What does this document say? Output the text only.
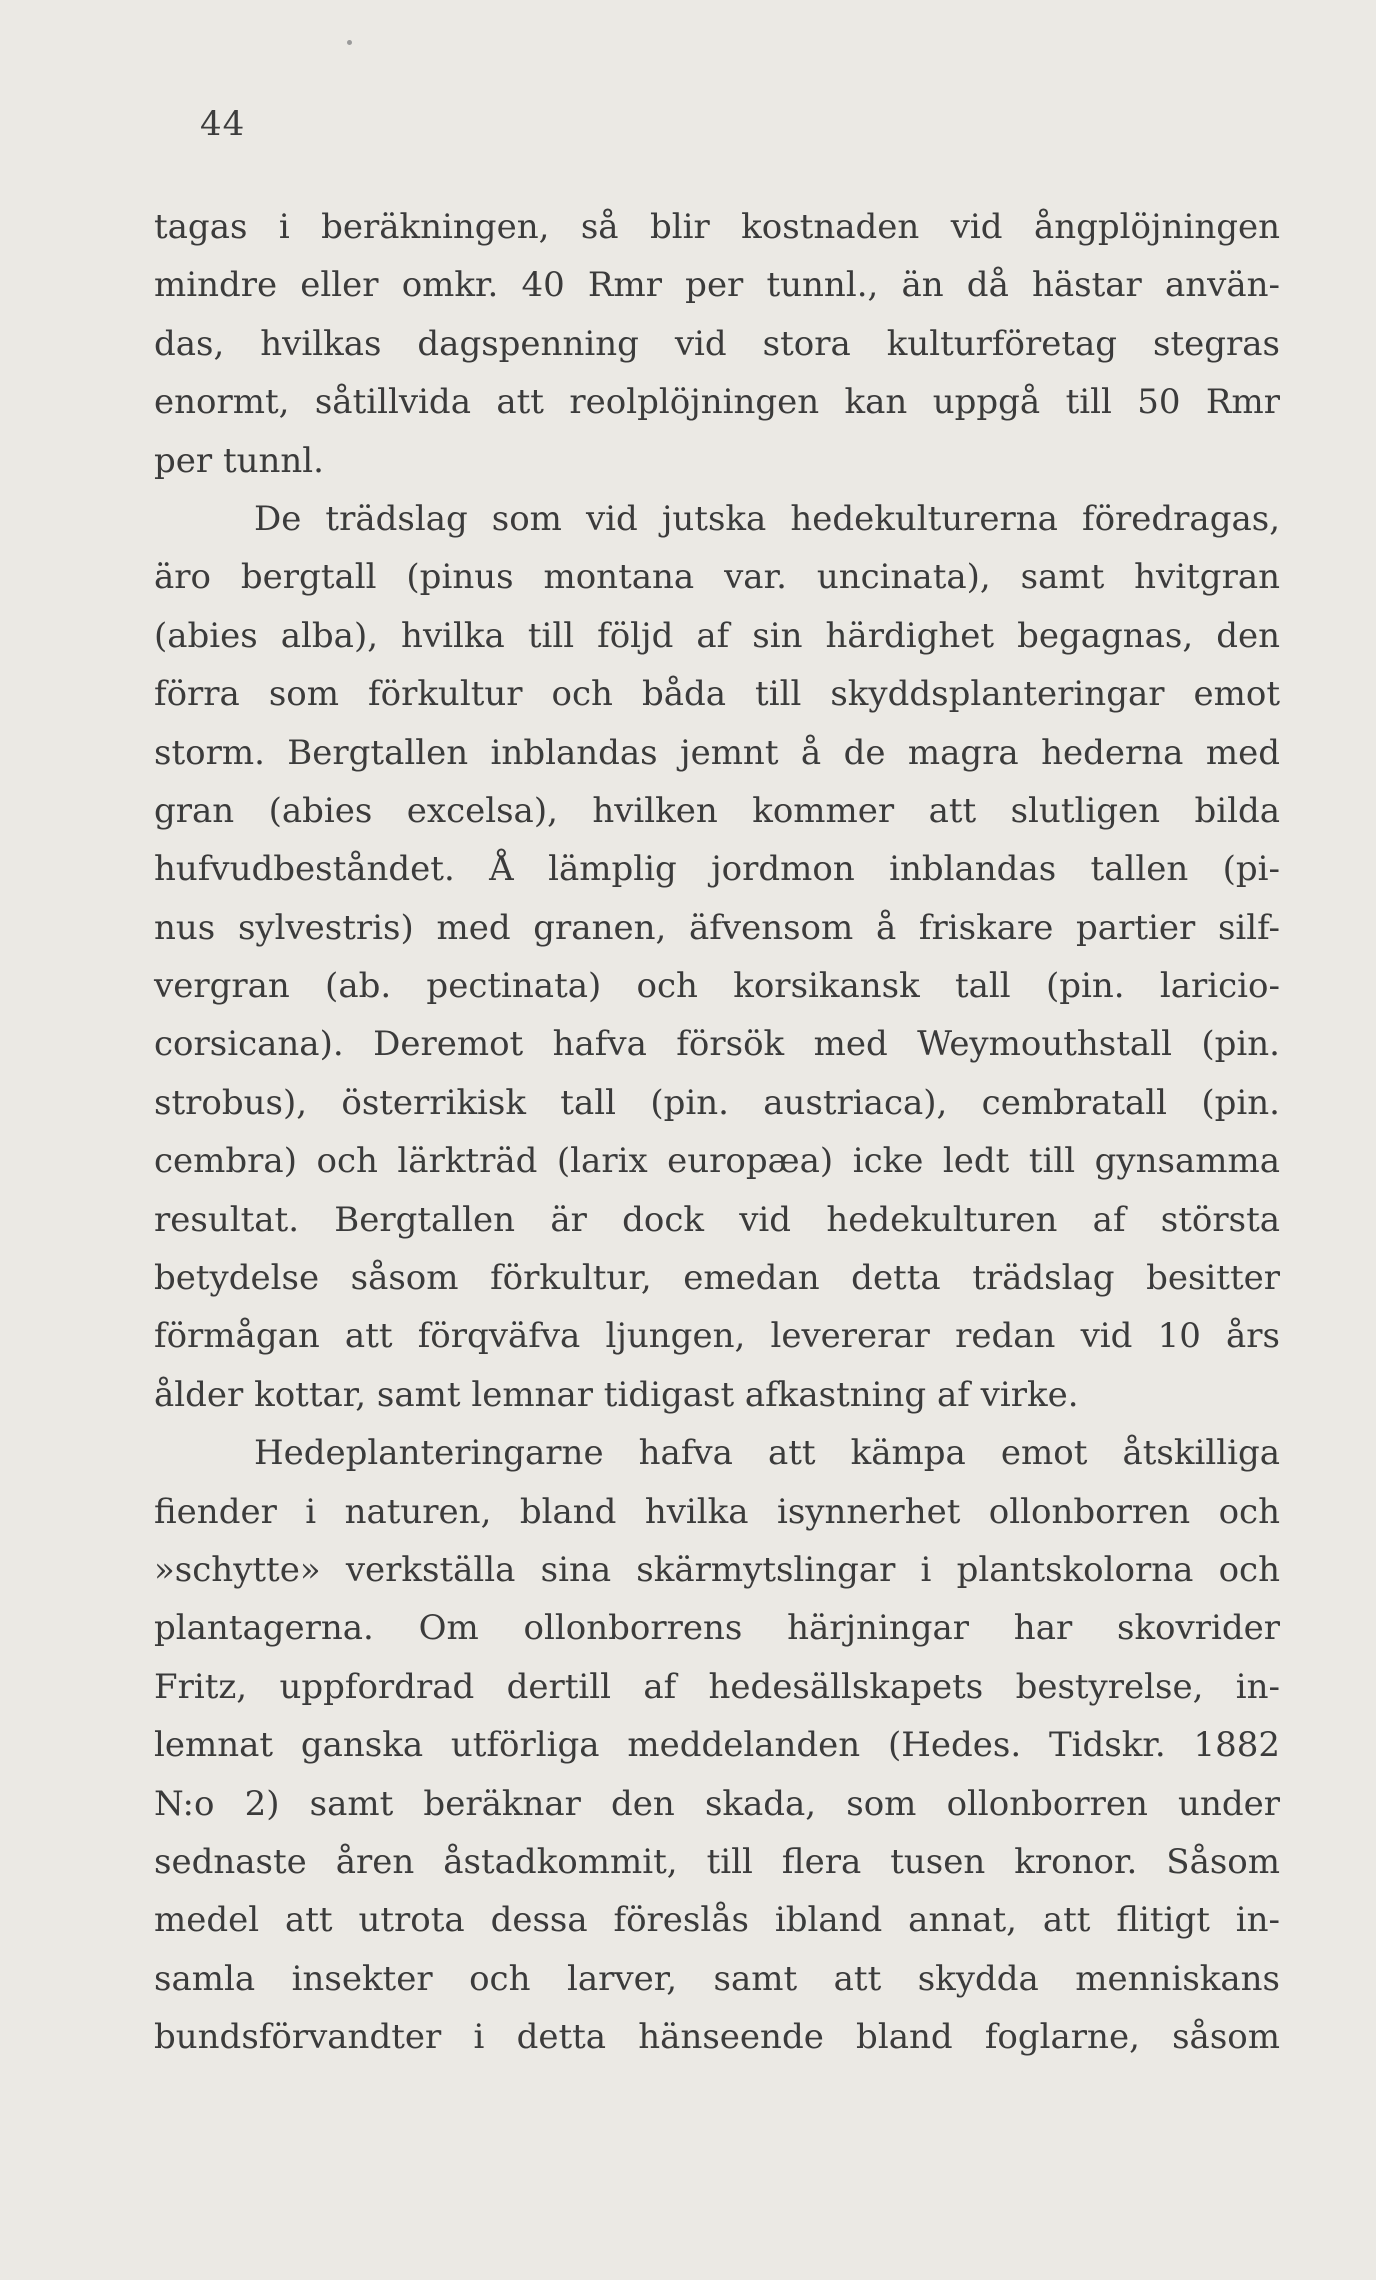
44
tagas i beräkningen, så blir kostnaden vid ångplöjningen
mindre eller omkr. 40 Rmr per tunnl., än då hästar använ-
das, hvilkas dagspenning vid stora kulturföretag stegras
enormt, såtillvida att reolplöjningen kan uppgå till 50 Rmr
per tunnl.
De trädslag som vid jutska hedekulturerna föredragas,
äro bergtall (pinus montana var. uncinata), samt hvitgran
(abies alba), hvilka till följd af sin härdighet begagnas, den
förra som förkultur och båda till skyddsplanteringar emot
storm. Bergtallen inblandas jemnt å de magra hederna med
gran (abies excelsa), hvilken kommer att slutligen bilda
hufvudbeståndet. Å lämplig jordmon inblandas tallen (pi-
nus sylvestris) med granen, äfvensom å friskare partier silf-
vergran (ab. pectinata) och korsikansk tall (pin. laricio-
corsicana). Deremot hafva försök med Weymouthstall (pin.
strobus), österrikisk tall (pin. austriaca), cembratall (pin.
cembra) och lärkträd (larix europæa) icke ledt till gynsamma
resultat. Bergtallen är dock vid hedekulturen af största
betydelse såsom förkultur, emedan detta trädslag besitter
förmågan att förqväfva ljungen, levererar redan vid 10 års
ålder kottar, samt lemnar tidigast afkastning af virke.
Hedeplanteringarne hafva att kämpa emot åtskilliga
fiender i naturen, bland hvilka isynnerhet ollonborren och
»schytte» verkställa sina skärmytslingar i plantskolorna och
plantagerna. Om ollonborrens härjningar har skovrider
Fritz, uppfordrad dertill af hedesällskapets bestyrelse, in-
lemnat ganska utförliga meddelanden (Hedes. Tidskr. 1882
N:o 2) samt beräknar den skada, som ollonborren under
sednaste åren åstadkommit, till flera tusen kronor. Såsom
medel att utrota dessa föreslås ibland annat, att flitigt in-
samla insekter och larver, samt att skydda menniskans
bundsförvandter i detta hänseende bland foglarne, såsom
